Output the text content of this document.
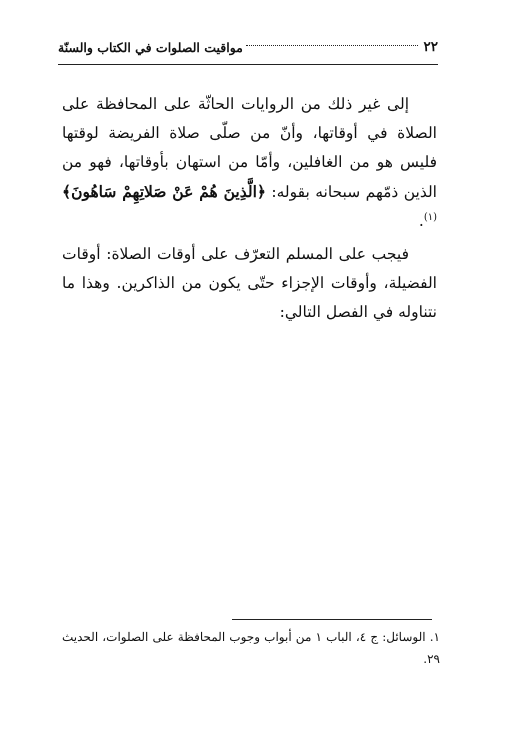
٢٢
مواقيت الصلوات في الكتاب والسنّة

إلى غير ذلك من الروايات الحاثّة على المحافظة على الصلاة في أوقاتها، وأنّ من صلّى صلاة الفريضة لوقتها فليس هو من الغافلين، وأمّا من استهان بأوقاتها، فهو من الذين ذمّهم سبحانه بقوله: ﴿الَّذِينَ هُمْ عَنْ صَلاتِهِمْ سَاهُونَ﴾ $^{(١)}$.

فيجب على المسلم التعرّف على أوقات الصلاة: أوقات الفضيلة، وأوقات الإجزاء حتّى يكون من الذاكرين. وهذا ما نتناوله في الفصل التالي:

١. الوسائل: ج ٤، الباب ١ من أبواب وجوب المحافظة على الصلوات، الحديث ٢٩.
